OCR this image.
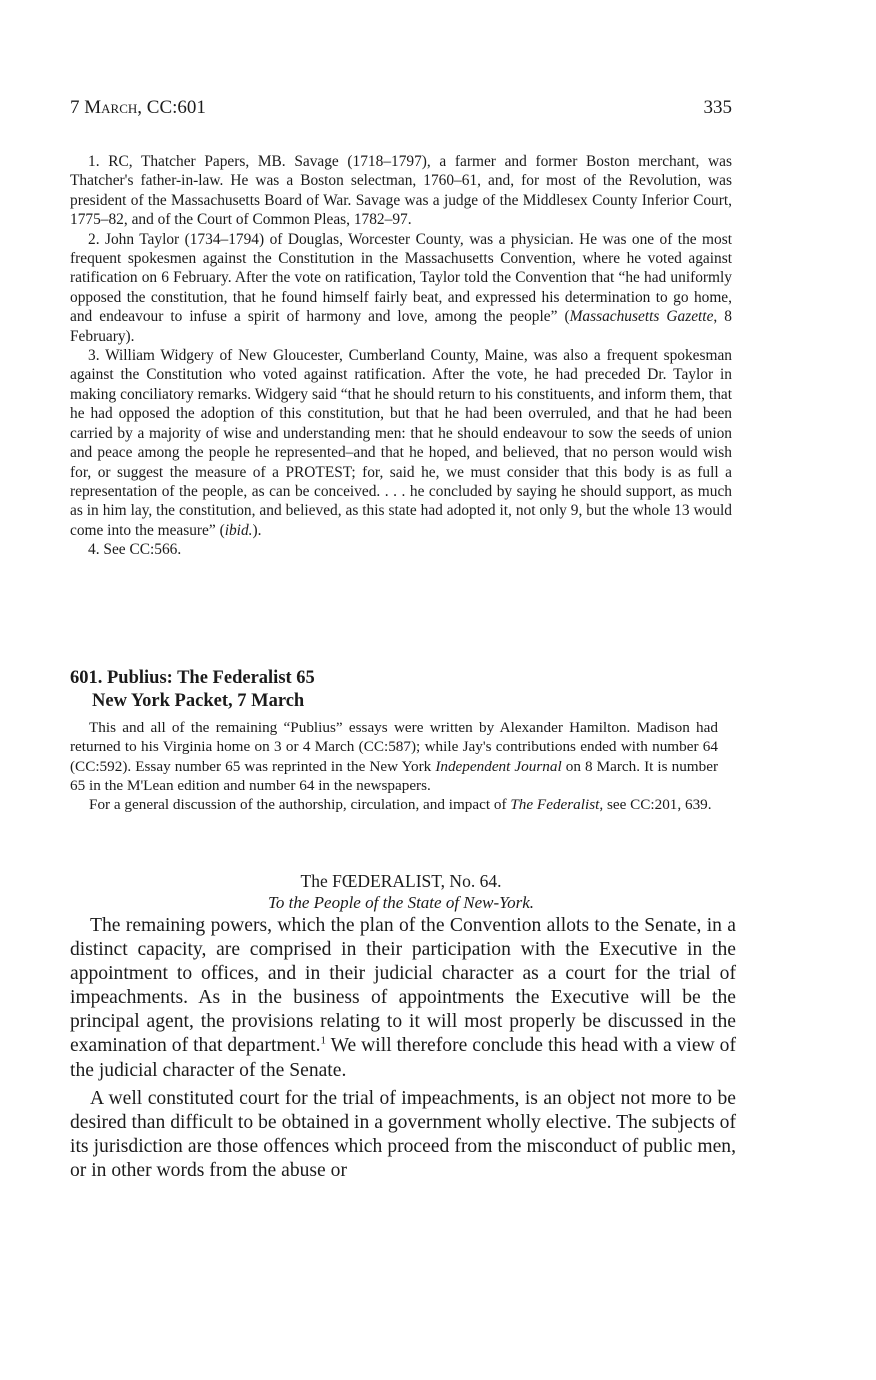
7 March, CC:601	335

1. RC, Thatcher Papers, MB. Savage (1718–1797), a farmer and former Boston merchant, was Thatcher's father-in-law. He was a Boston selectman, 1760–61, and, for most of the Revolution, was president of the Massachusetts Board of War. Savage was a judge of the Middlesex County Inferior Court, 1775–82, and of the Court of Common Pleas, 1782–97.

2. John Taylor (1734–1794) of Douglas, Worcester County, was a physician. He was one of the most frequent spokesmen against the Constitution in the Massachusetts Convention, where he voted against ratification on 6 February. After the vote on ratification, Taylor told the Convention that “he had uniformly opposed the constitution, that he found himself fairly beat, and expressed his determination to go home, and endeavour to infuse a spirit of harmony and love, among the people” (Massachusetts Gazette, 8 February).

3. William Widgery of New Gloucester, Cumberland County, Maine, was also a frequent spokesman against the Constitution who voted against ratification. After the vote, he had preceded Dr. Taylor in making conciliatory remarks. Widgery said “that he should return to his constituents, and inform them, that he had opposed the adoption of this constitution, but that he had been overruled, and that he had been carried by a majority of wise and understanding men: that he should endeavour to sow the seeds of union and peace among the people he represented–and that he hoped, and believed, that no person would wish for, or suggest the measure of a PROTEST; for, said he, we must consider that this body is as full a representation of the people, as can be conceived. . . . he concluded by saying he should support, as much as in him lay, the constitution, and believed, as this state had adopted it, not only 9, but the whole 13 would come into the measure” (ibid.).

4. See CC:566.

601. Publius: The Federalist 65
New York Packet, 7 March

This and all of the remaining “Publius” essays were written by Alexander Hamilton. Madison had returned to his Virginia home on 3 or 4 March (CC:587); while Jay's contributions ended with number 64 (CC:592). Essay number 65 was reprinted in the New York Independent Journal on 8 March. It is number 65 in the M'Lean edition and number 64 in the newspapers.

For a general discussion of the authorship, circulation, and impact of The Federalist, see CC:201, 639.

The FŒDERALIST, No. 64.
To the People of the State of New-York.

The remaining powers, which the plan of the Convention allots to the Senate, in a distinct capacity, are comprised in their participation with the Executive in the appointment to offices, and in their judicial character as a court for the trial of impeachments. As in the business of appointments the Executive will be the principal agent, the provisions relating to it will most properly be discussed in the examination of that department.$^1$ We will therefore conclude this head with a view of the judicial character of the Senate.

A well constituted court for the trial of impeachments, is an object not more to be desired than difficult to be obtained in a government wholly elective. The subjects of its jurisdiction are those offences which proceed from the misconduct of public men, or in other words from the abuse or
